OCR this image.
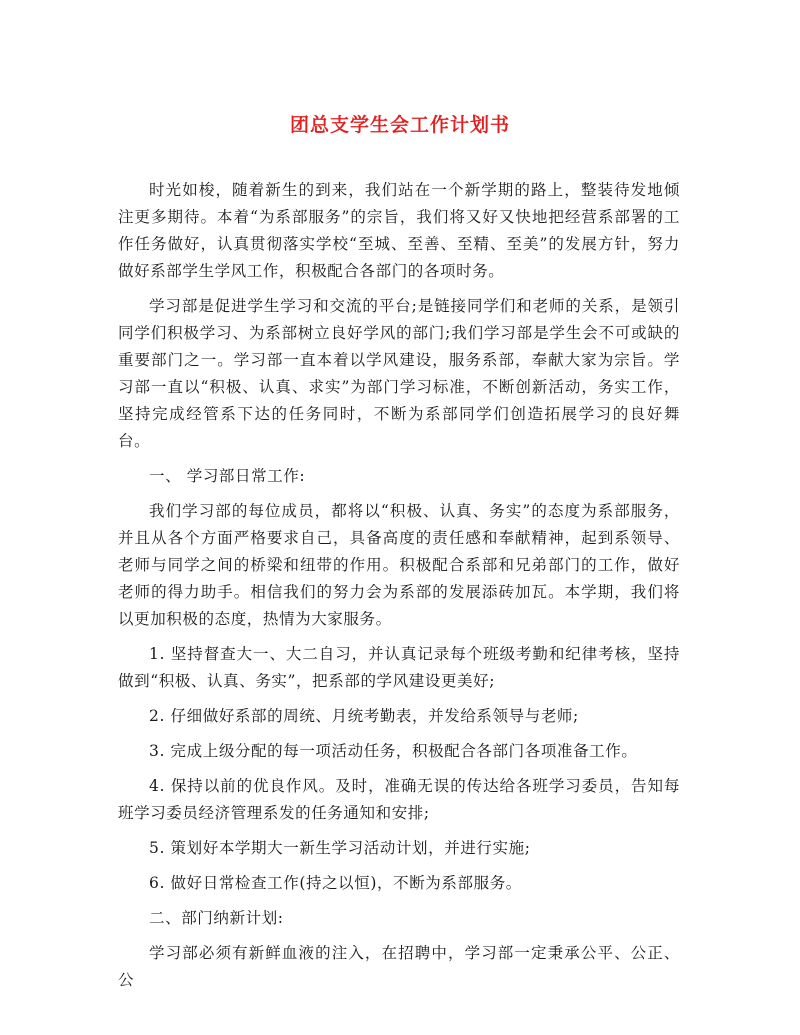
团总支学生会工作计划书

时光如梭，随着新生的到来，我们站在一个新学期的路上，整装待发地倾注更多期待。本着“为系部服务”的宗旨，我们将又好又快地把经营系部署的工作任务做好，认真贯彻落实学校“至城、至善、至精、至美”的发展方针，努力做好系部学生学风工作，积极配合各部门的各项时务。

学习部是促进学生学习和交流的平台;是链接同学们和老师的关系，是领引同学们积极学习、为系部树立良好学风的部门;我们学习部是学生会不可或缺的重要部门之一。学习部一直本着以学风建设，服务系部，奉献大家为宗旨。学习部一直以“积极、认真、求实”为部门学习标准，不断创新活动，务实工作，坚持完成经管系下达的任务同时，不断为系部同学们创造拓展学习的良好舞台。

一、 学习部日常工作:

我们学习部的每位成员，都将以“积极、认真、务实”的态度为系部服务，并且从各个方面严格要求自己，具备高度的责任感和奉献精神，起到系领导、老师与同学之间的桥梁和纽带的作用。积极配合系部和兄弟部门的工作，做好老师的得力助手。相信我们的努力会为系部的发展添砖加瓦。本学期，我们将以更加积极的态度，热情为大家服务。

1. 坚持督查大一、大二自习，并认真记录每个班级考勤和纪律考核，坚持做到“积极、认真、务实”，把系部的学风建设更美好;

2. 仔细做好系部的周统、月统考勤表，并发给系领导与老师;

3. 完成上级分配的每一项活动任务，积极配合各部门各项准备工作。

4. 保持以前的优良作风。及时，准确无误的传达给各班学习委员，告知每班学习委员经济管理系发的任务通知和安排;

5. 策划好本学期大一新生学习活动计划，并进行实施;

6. 做好日常检查工作(持之以恒)，不断为系部服务。

二、部门纳新计划:

学习部必须有新鲜血液的注入，在招聘中，学习部一定秉承公平、公正、公
